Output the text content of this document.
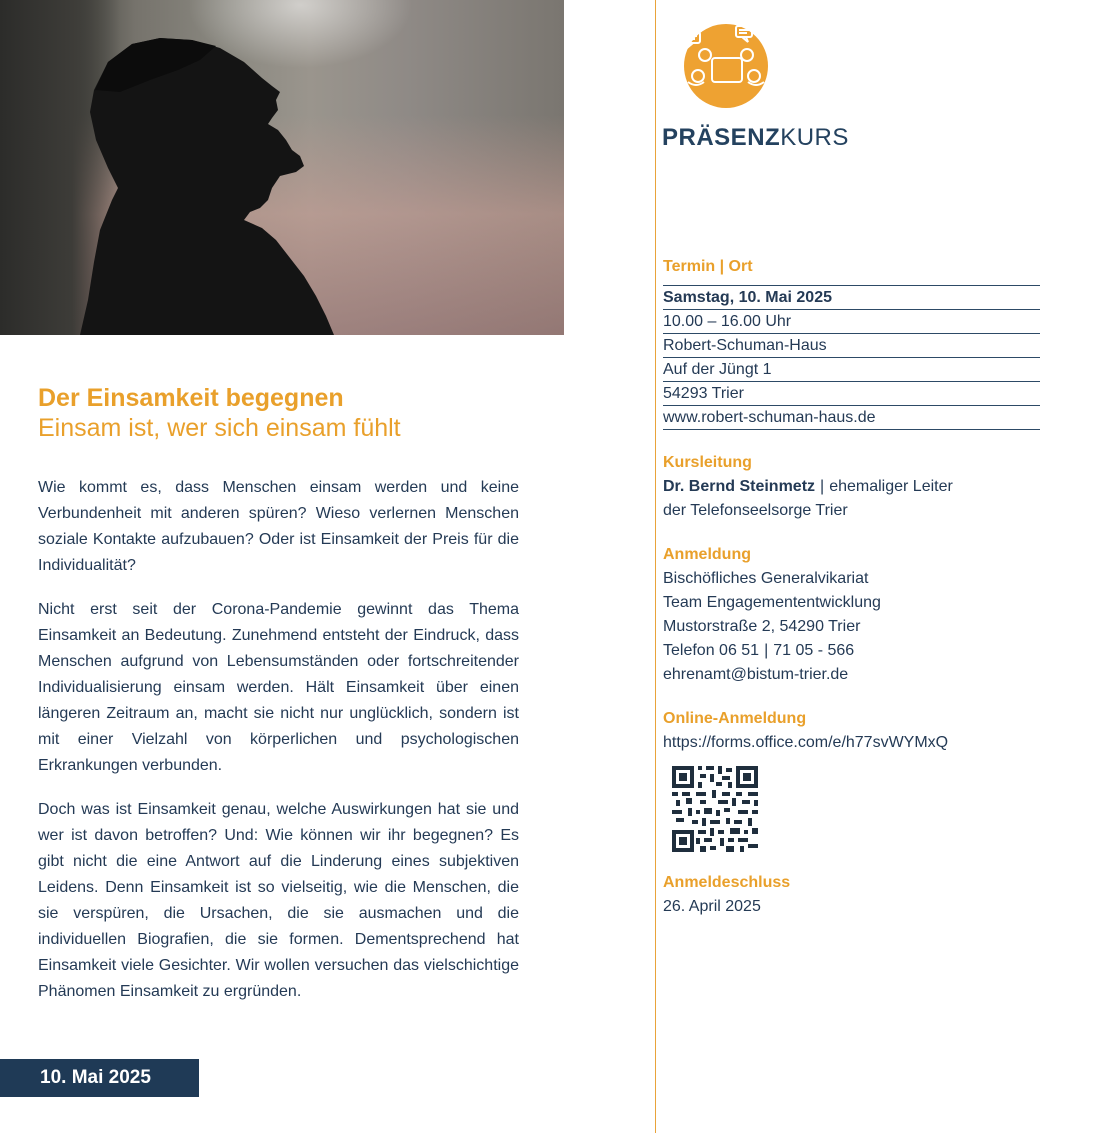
Der Einsamkeit begegnen
Einsam ist, wer sich einsam fühlt

Wie kommt es, dass Menschen einsam werden und keine Verbundenheit mit anderen spüren? Wieso verlernen Menschen soziale Kontakte aufzubauen? Oder ist Einsamkeit der Preis für die Individualität?

Nicht erst seit der Corona-Pandemie gewinnt das Thema Einsamkeit an Bedeutung. Zunehmend entsteht der Eindruck, dass Menschen aufgrund von Lebensumständen oder fortschreitender Individualisierung einsam werden. Hält Einsamkeit über einen längeren Zeitraum an, macht sie nicht nur unglücklich, sondern ist mit einer Vielzahl von körperlichen und psychologischen Erkrankungen verbunden.

Doch was ist Einsamkeit genau, welche Auswirkungen hat sie und wer ist davon betroffen? Und: Wie können wir ihr begegnen? Es gibt nicht die eine Antwort auf die Linderung eines subjektiven Leidens. Denn Einsamkeit ist so vielseitig, wie die Menschen, die sie verspüren, die Ursachen, die sie ausmachen und die individuellen Biografien, die sie formen. Dementsprechend hat Einsamkeit viele Gesichter. Wir wollen versuchen das vielschichtige Phänomen Einsamkeit zu ergründen.

10. Mai 2025
PRÄSENZKURS
Termin | Ort
Samstag, 10. Mai 2025
10.00 – 16.00 Uhr
Robert-Schuman-Haus
Auf der Jüngt 1
54293 Trier
www.robert-schuman-haus.de
Kursleitung
Dr. Bernd Steinmetz | ehemaliger Leiter
der Telefonseelsorge Trier
Anmeldung
Bischöfliches Generalvikariat
Team Engagemententwicklung
Mustorstraße 2, 54290 Trier
Telefon 06 51 | 71 05 - 566
ehrenamt@bistum-trier.de
Online-Anmeldung
https://forms.office.com/e/h77svWYMxQ
Anmeldeschluss
26. April 2025
